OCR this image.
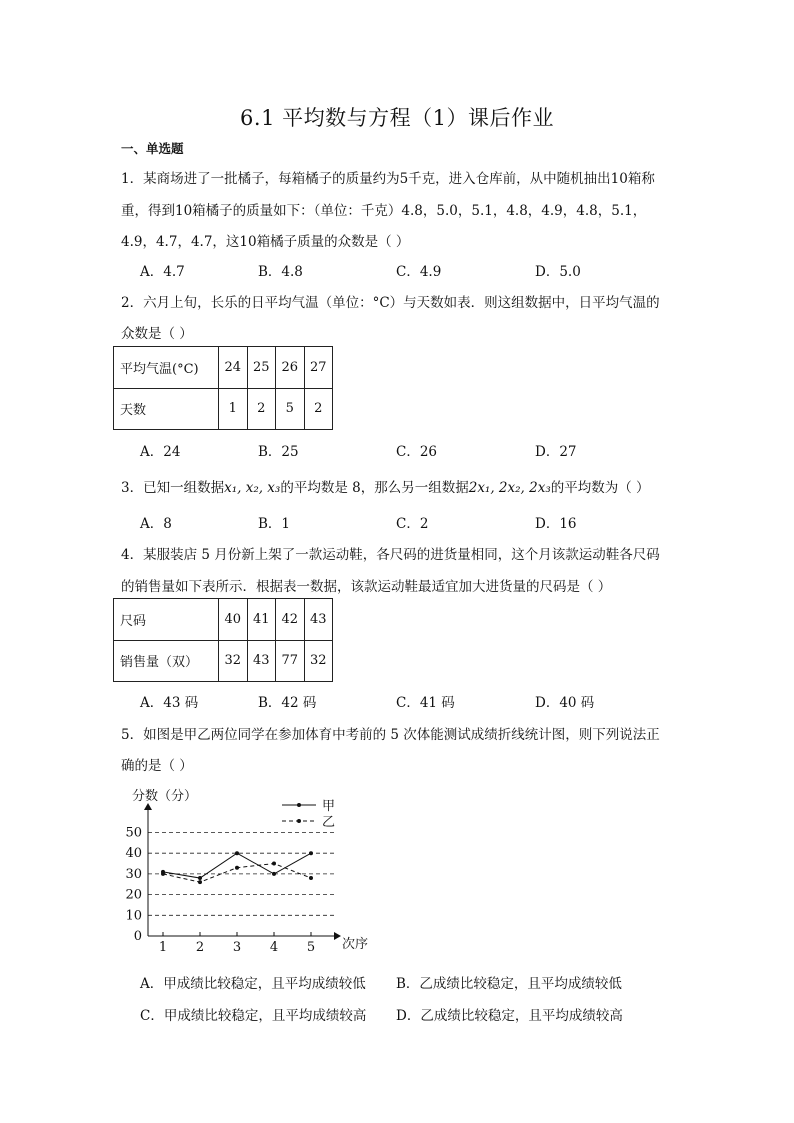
6.1 平均数与方程（1）课后作业
一、单选题
1．某商场进了一批橘子，每箱橘子的质量约为5千克，进入仓库前，从中随机抽出10箱称
重，得到10箱橘子的质量如下：（单位：千克）4.8，5.0，5.1，4.8，4.9，4.8，5.1，
4.9，4.7，4.7，这10箱橘子质量的众数是（ ）
A．4.7	B．4.8	C．4.9	D．5.0
2．六月上旬，长乐的日平均气温（单位：°C）与天数如表．则这组数据中，日平均气温的
众数是（ ）
平均气温(°C)	24	25	26	27
天数	1	2	5	2
A．24	B．25	C．26	D．27
3．已知一组数据x₁, x₂, x₃的平均数是 8，那么另一组数据2x₁, 2x₂, 2x₃的平均数为（ ）
A．8	B．1	C．2	D．16
4．某服装店 5 月份新上架了一款运动鞋，各尺码的进货量相同，这个月该款运动鞋各尺码
的销售量如下表所示．根据表一数据，该款运动鞋最适宜加大进货量的尺码是（ ）
尺码	40	41	42	43
销售量（双）	32	43	77	32
A．43 码	B．42 码	C．41 码	D．40 码
5．如图是甲乙两位同学在参加体育中考前的 5 次体能测试成绩折线统计图，则下列说法正
确的是（ ）
分数（分）
次序
0
10
20
30
40
50
1 2 3 4 5
甲
乙
A．甲成绩比较稳定，且平均成绩较低 B．乙成绩比较稳定，且平均成绩较低
C．甲成绩比较稳定，且平均成绩较高 D．乙成绩比较稳定，且平均成绩较高
